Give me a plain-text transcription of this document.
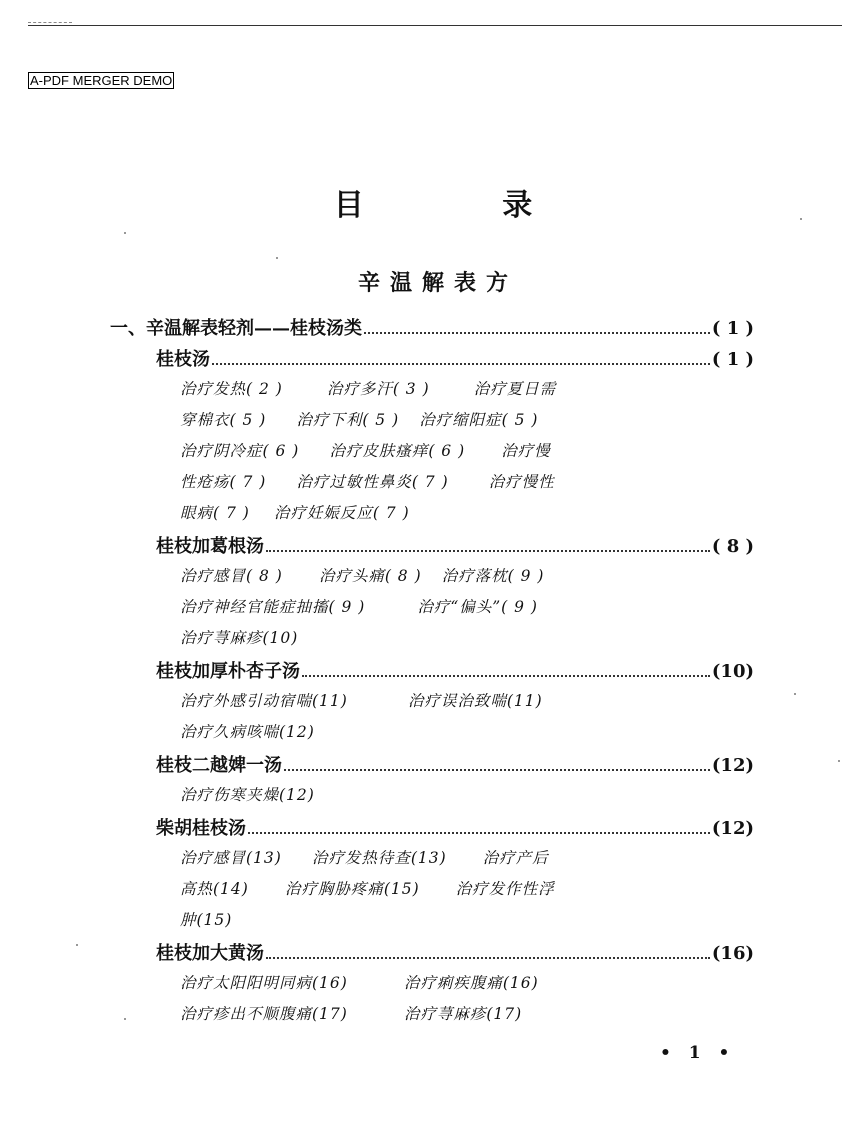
A-PDF MERGER DEMO
目 录
辛温解表方
一、辛温解表轻剂——桂枝汤类	( 1 )
桂枝汤	( 1 )
治疗发热( 2 )	治疗多汗( 3 )	治疗夏日需
穿棉衣( 5 ) 治疗下利( 5 ) 治疗缩阳症( 5 )
治疗阴冷症( 6 ) 治疗皮肤瘙痒( 6 ) 治疗慢
性疮疡( 7 ) 治疗过敏性鼻炎( 7 )	治疗慢性
眼病( 7 ) 治疗妊娠反应( 7 )
桂枝加葛根汤	( 8 )
治疗感冒( 8 ) 治疗头痛( 8 ) 治疗落枕( 9 )
治疗神经官能症抽搐( 9 )	治疗“偏头”( 9 )
治疗荨麻疹(10)
桂枝加厚朴杏子汤	(10)
治疗外感引动宿喘(11)	治疗误治致喘(11)
治疗久病咳喘(12)
桂枝二越婢一汤	(12)
治疗伤寒夹燥(12)
柴胡桂枝汤	(12)
治疗感冒(13) 治疗发热待查(13) 治疗产后
高热(14) 治疗胸胁疼痛(15) 治疗发作性浮
肿(15)
桂枝加大黄汤	(16)
治疗太阳阳明同病(16)	治疗痢疾腹痛(16)
治疗疹出不顺腹痛(17)	治疗荨麻疹(17)
• 1 •
